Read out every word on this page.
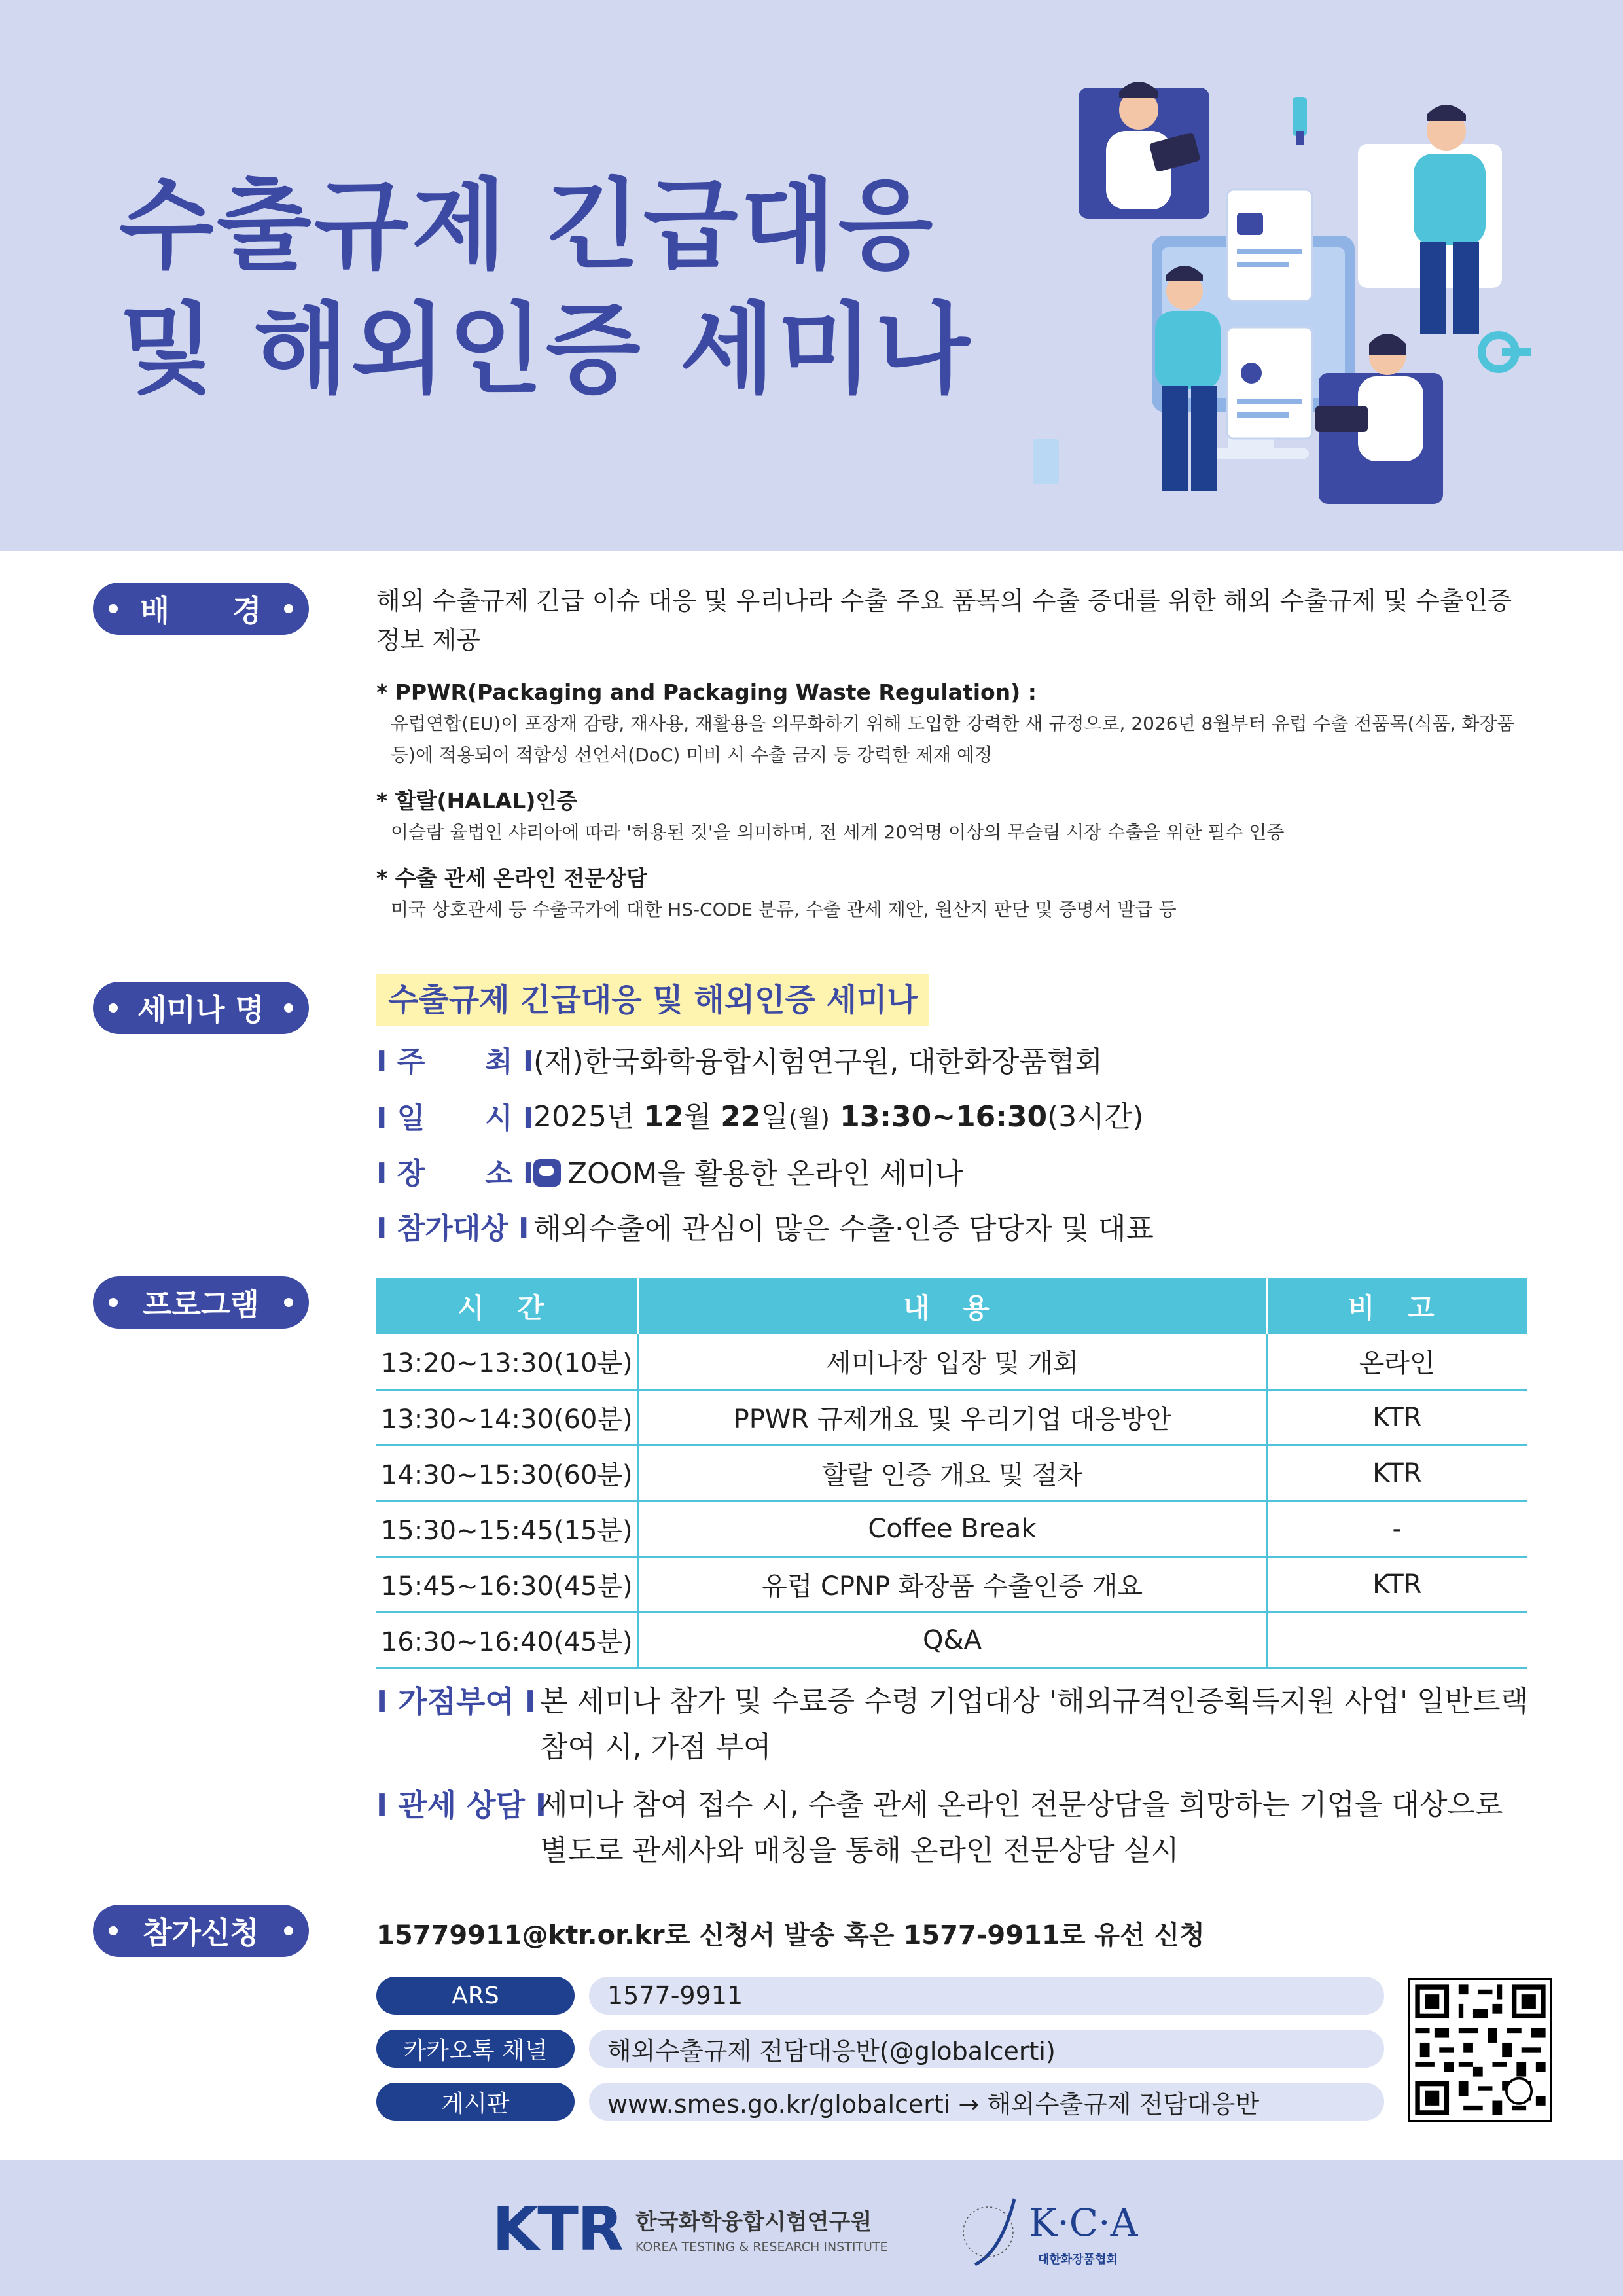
수출규제 긴급대응
및 해외인증 세미나
배      경	해외 수출규제 긴급 이슈 대응 및 우리나라 수출 주요 품목의 수출 증대를 위한 해외 수출규제 및 수출인증
정보 제공
* PPWR(Packaging and Packaging Waste Regulation) :
유럽연합(EU)이 포장재 감량, 재사용, 재활용을 의무화하기 위해 도입한 강력한 새 규정으로, 2026년 8월부터 유럽 수출 전품목(식품, 화장품
등)에 적용되어 적합성 선언서(DoC) 미비 시 수출 금지 등 강력한 제재 예정
* 할랄(HALAL)인증
이슬람 율법인 샤리아에 따라 '허용된 것'을 의미하며, 전 세계 20억명 이상의 무슬림 시장 수출을 위한 필수 인증
* 수출 관세 온라인 전문상담
미국 상호관세 등 수출국가에 대한 HS-CODE 분류, 수출 관세 제안, 원산지 판단 및 증명서 발급 등
세미나 명	수출규제 긴급대응 및 해외인증 세미나
I 주      최 I (재)한국화학융합시험연구원, 대한화장품협회
I 일      시 I 2025년 12월 22일(월) 13:30~16:30(3시간)
I 장      소 I	ZOOM을 활용한 온라인 세미나
I 참가대상 I 해외수출에 관심이 많은 수출·인증 담당자 및 대표
프로그램	시 간	내 용	비 고
13:20~13:30(10분)	세미나장 입장 및 개회	온라인
13:30~14:30(60분)	PPWR 규제개요 및 우리기업 대응방안	KTR
14:30~15:30(60분)	할랄 인증 개요 및 절차	KTR
15:30~15:45(15분)	Coffee Break	-
15:45~16:30(45분)	유럽 CPNP 화장품 수출인증 개요	KTR
16:30~16:40(45분)	Q&A	
I 가점부여 I 본 세미나 참가 및 수료증 수령 기업대상 '해외규격인증획득지원 사업' 일반트랙
참여 시, 가점 부여
I 관세 상담 I
세미나 참여 접수 시, 수출 관세 온라인 전문상담을 희망하는 기업을 대상으로
별도로 관세사와 매칭을 통해 온라인 전문상담 실시
참가신청	15779911@ktr.or.kr로 신청서 발송 혹은 1577-9911로 유선 신청
ARS	1577-9911
카카오톡 채널	해외수출규제 전담대응반(@globalcerti)
게시판	www.smes.go.kr/globalcerti → 해외수출규제 전담대응반
KTR 한국화학융합시험연구원
KOREA TESTING & RESEARCH INSTITUTE
K·C·A
대한화장품협회
